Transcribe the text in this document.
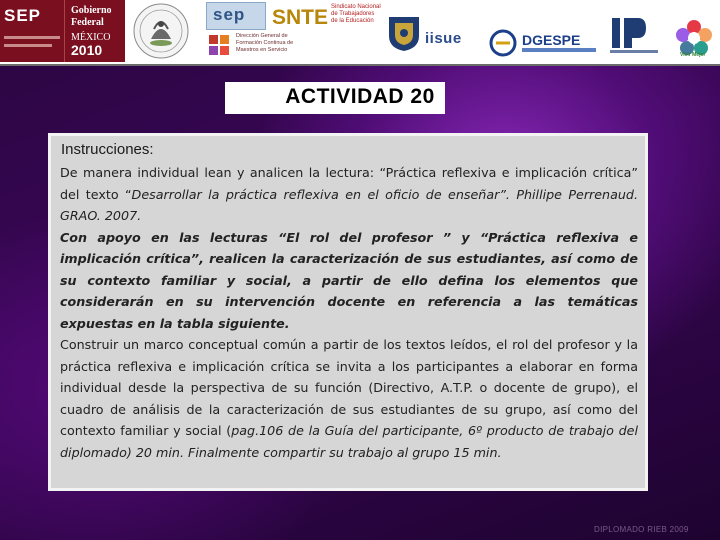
SEP	Gobierno
Federal
MÉXICO
2010
sep SNTE Sindicato Nacional de Trabajadores de la Educación
Dirección General de Formación Continua de Maestros en Servicio
iisue	DGESPE
Vivir Mejor
ACTIVIDAD 20
Instrucciones:

De manera individual lean y analicen la lectura: “Práctica reflexiva e implicación crítica” del texto “Desarrollar la práctica reflexiva en el oficio de enseñar”. Phillipe Perrenaud. GRAO. 2007.

Con apoyo en las lecturas “El rol del profesor ” y “Práctica reflexiva e implicación crítica”, realicen la caracterización de sus estudiantes, así como de su contexto familiar y social, a partir de ello defina los elementos que considerarán en su intervención docente en referencia a las temáticas expuestas en la tabla siguiente.

Construir un marco conceptual común a partir de los textos leídos, el rol del profesor y la práctica reflexiva e implicación crítica se invita a los participantes a elaborar en forma individual desde la perspectiva de su función (Directivo, A.T.P. o docente de grupo), el cuadro de análisis de la caracterización de sus estudiantes de su grupo, así como del contexto familiar y social (pag.106 de la Guía del participante, 6º producto de trabajo del diplomado) 20 min. Finalmente compartir su trabajo al grupo 15 min.

DIPLOMADO RIEB 2009
